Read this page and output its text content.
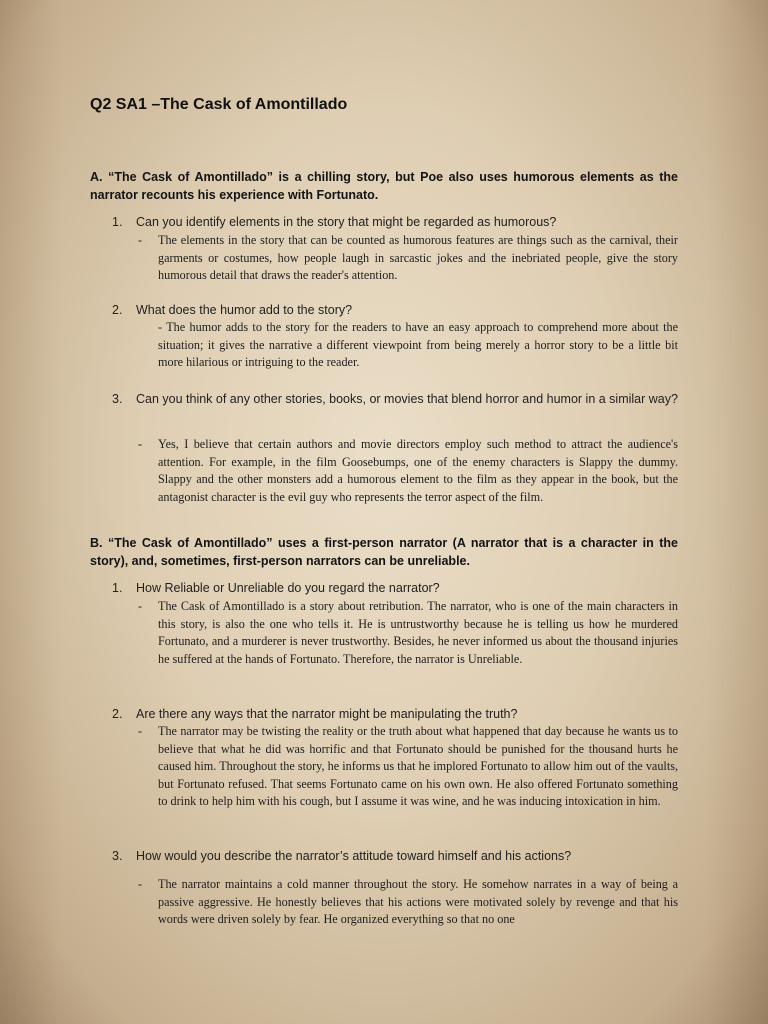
Q2 SA1 –The Cask of Amontillado
A. “The Cask of Amontillado” is a chilling story, but Poe also uses humorous elements as the narrator recounts his experience with Fortunato.
1. Can you identify elements in the story that might be regarded as humorous?
- The elements in the story that can be counted as humorous features are things such as the carnival, their garments or costumes, how people laugh in sarcastic jokes and the inebriated people, give the story humorous detail that draws the reader's attention.
2. What does the humor add to the story?
- The humor adds to the story for the readers to have an easy approach to comprehend more about the situation; it gives the narrative a different viewpoint from being merely a horror story to be a little bit more hilarious or intriguing to the reader.
3.	Can you think of any other stories, books, or movies that blend horror and humor in a similar way?
- Yes, I believe that certain authors and movie directors employ such method to attract the audience's attention. For example, in the film Goosebumps, one of the enemy characters is Slappy the dummy. Slappy and the other monsters add a humorous element to the film as they appear in the book, but the antagonist character is the evil guy who represents the terror aspect of the film.
B. “The Cask of Amontillado” uses a first-person narrator (A narrator that is a character in the story), and, sometimes, first-person narrators can be unreliable.
1. How Reliable or Unreliable do you regard the narrator?
- The Cask of Amontillado is a story about retribution. The narrator, who is one of the main characters in this story, is also the one who tells it. He is untrustworthy because he is telling us how he murdered Fortunato, and a murderer is never trustworthy. Besides, he never informed us about the thousand injuries he suffered at the hands of Fortunato. Therefore, the narrator is Unreliable.
2. Are there any ways that the narrator might be manipulating the truth?
- The narrator may be twisting the reality or the truth about what happened that day because he wants us to believe that what he did was horrific and that Fortunato should be punished for the thousand hurts he caused him. Throughout the story, he informs us that he implored Fortunato to allow him out of the vaults, but Fortunato refused. That seems Fortunato came on his own own. He also offered Fortunato something to drink to help him with his cough, but I assume it was wine, and he was inducing intoxication in him.
3. How would you describe the narrator’s attitude toward himself and his actions?
- The narrator maintains a cold manner throughout the story. He somehow narrates in a way of being a passive aggressive. He honestly believes that his actions were motivated solely by revenge and that his words were driven solely by fear. He organized everything so that no one
